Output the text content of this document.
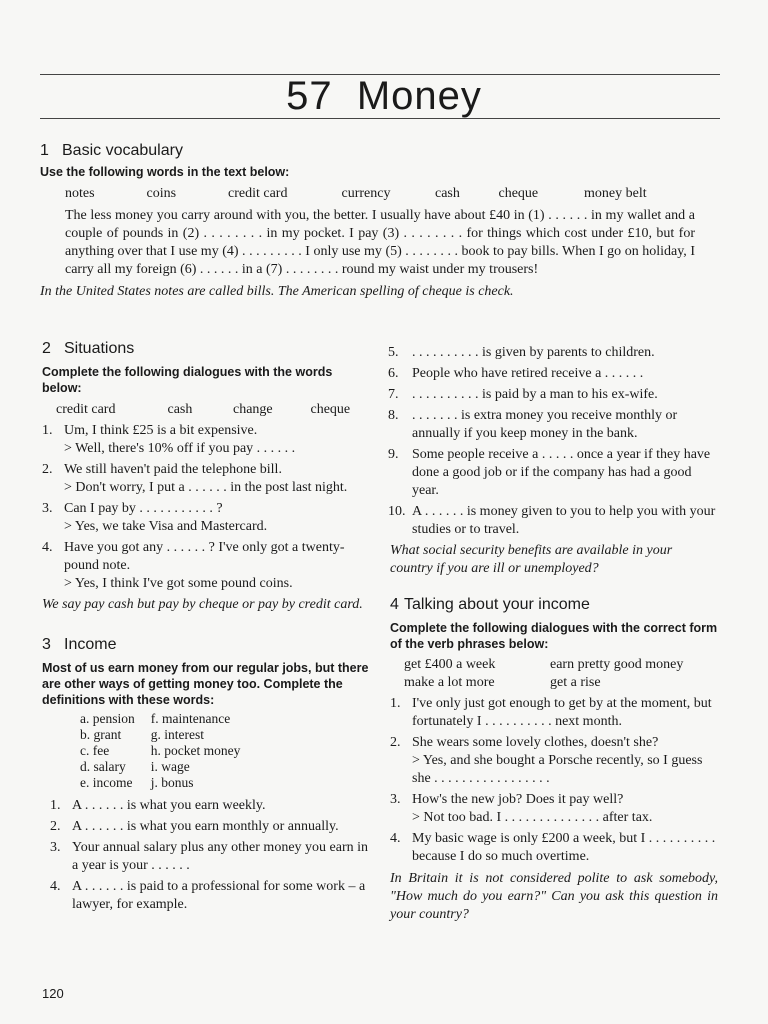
57 Money
1 Basic vocabulary
Use the following words in the text below:
notes	coins	credit card	currency	cash	cheque	money belt
The less money you carry around with you, the better. I usually have about £40 in (1) . . . . . . in my wallet and a couple of pounds in (2) . . . . . . . . in my pocket. I pay (3) . . . . . . . . for things which cost under £10, but for anything over that I use my (4) . . . . . . . . . I only use my (5) . . . . . . . . book to pay bills. When I go on holiday, I carry all my foreign (6) . . . . . . in a (7) . . . . . . . . round my waist under my trousers!
In the United States notes are called bills. The American spelling of cheque is check.
2 Situations
Complete the following dialogues with the words below:
credit card	cash	change	cheque
1. Um, I think £25 is a bit expensive.
> Well, there's 10% off if you pay . . . . . .
2. We still haven't paid the telephone bill.
> Don't worry, I put a . . . . . . in the post last night.
3. Can I pay by . . . . . . . . . . . ?
> Yes, we take Visa and Mastercard.
4. Have you got any . . . . . . ? I've only got a twenty-pound note.
> Yes, I think I've got some pound coins.
We say pay cash but pay by cheque or pay by credit card.
3 Income
Most of us earn money from our regular jobs, but there are other ways of getting money too. Complete the definitions with these words:
a. pension	f. maintenance
b. grant	g. interest
c. fee	h. pocket money
d. salary	i. wage
e. income	j. bonus
1. A . . . . . . is what you earn weekly.
2. A . . . . . . is what you earn monthly or annually.
3. Your annual salary plus any other money you earn in a year is your . . . . . .
4. A . . . . . . is paid to a professional for some work – a lawyer, for example.
5. . . . . . . . . . . is given by parents to children.
6. People who have retired receive a . . . . . .
7. . . . . . . . . . . is paid by a man to his ex-wife.
8. . . . . . . . is extra money you receive monthly or annually if you keep money in the bank.
9. Some people receive a . . . . . once a year if they have done a good job or if the company has had a good year.
10. A . . . . . . is money given to you to help you with your studies or to travel.
What social security benefits are available in your country if you are ill or unemployed?
4 Talking about your income
Complete the following dialogues with the correct form of the verb phrases below:
get £400 a week	earn pretty good money
make a lot more	get a rise
1. I've only just got enough to get by at the moment, but fortunately I . . . . . . . . . . next month.
2. She wears some lovely clothes, doesn't she?
> Yes, and she bought a Porsche recently, so I guess she . . . . . . . . . . . . . . . . .
3. How's the new job? Does it pay well?
> Not too bad. I . . . . . . . . . . . . . . after tax.
4. My basic wage is only £200 a week, but I . . . . . . . . . . because I do so much overtime.
In Britain it is not considered polite to ask somebody, "How much do you earn?" Can you ask this question in your country?
120
